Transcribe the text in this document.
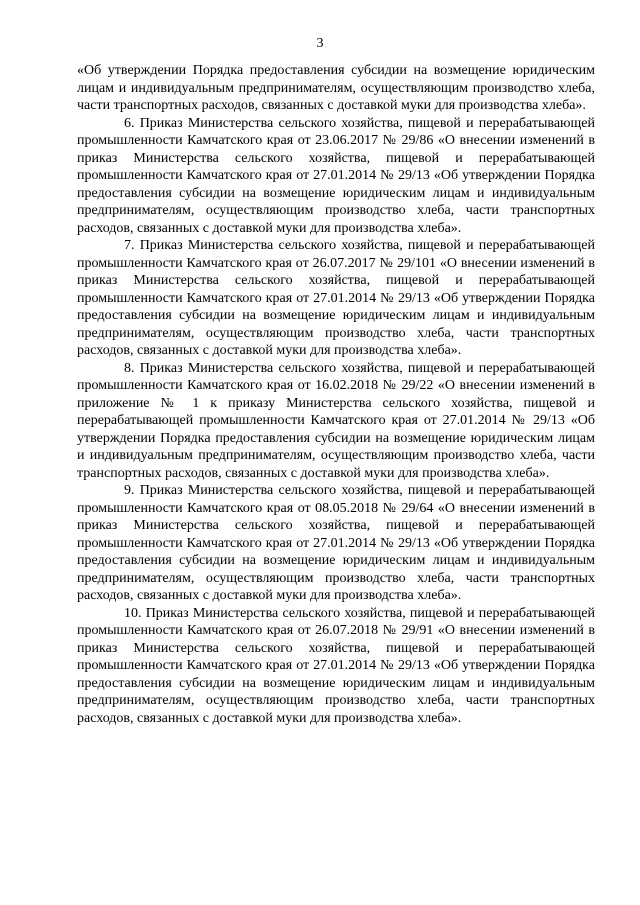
3

«Об утверждении Порядка предоставления субсидии на возмещение юридическим лицам и индивидуальным предпринимателям, осуществляющим производство хлеба, части транспортных расходов, связанных с доставкой муки для производства хлеба».

6. Приказ Министерства сельского хозяйства, пищевой и перерабатывающей промышленности Камчатского края от 23.06.2017 № 29/86 «О внесении изменений в приказ Министерства сельского хозяйства, пищевой и перерабатывающей промышленности Камчатского края от 27.01.2014 № 29/13 «Об утверждении Порядка предоставления субсидии на возмещение юридическим лицам и индивидуальным предпринимателям, осуществляющим производство хлеба, части транспортных расходов, связанных с доставкой муки для производства хлеба».

7. Приказ Министерства сельского хозяйства, пищевой и перерабатывающей промышленности Камчатского края от 26.07.2017 № 29/101 «О внесении изменений в приказ Министерства сельского хозяйства, пищевой и перерабатывающей промышленности Камчатского края от 27.01.2014 № 29/13 «Об утверждении Порядка предоставления субсидии на возмещение юридическим лицам и индивидуальным предпринимателям, осуществляющим производство хлеба, части транспортных расходов, связанных с доставкой муки для производства хлеба».

8. Приказ Министерства сельского хозяйства, пищевой и перерабатывающей промышленности Камчатского края от 16.02.2018 № 29/22 «О внесении изменений в приложение № 1 к приказу Министерства сельского хозяйства, пищевой и перерабатывающей промышленности Камчатского края от 27.01.2014 № 29/13 «Об утверждении Порядка предоставления субсидии на возмещение юридическим лицам и индивидуальным предпринимателям, осуществляющим производство хлеба, части транспортных расходов, связанных с доставкой муки для производства хлеба».

9. Приказ Министерства сельского хозяйства, пищевой и перерабатывающей промышленности Камчатского края от 08.05.2018 № 29/64 «О внесении изменений в приказ Министерства сельского хозяйства, пищевой и перерабатывающей промышленности Камчатского края от 27.01.2014 № 29/13 «Об утверждении Порядка предоставления субсидии на возмещение юридическим лицам и индивидуальным предпринимателям, осуществляющим производство хлеба, части транспортных расходов, связанных с доставкой муки для производства хлеба».

10. Приказ Министерства сельского хозяйства, пищевой и перерабатывающей промышленности Камчатского края от 26.07.2018 № 29/91 «О внесении изменений в приказ Министерства сельского хозяйства, пищевой и перерабатывающей промышленности Камчатского края от 27.01.2014 № 29/13 «Об утверждении Порядка предоставления субсидии на возмещение юридическим лицам и индивидуальным предпринимателям, осуществляющим производство хлеба, части транспортных расходов, связанных с доставкой муки для производства хлеба».
